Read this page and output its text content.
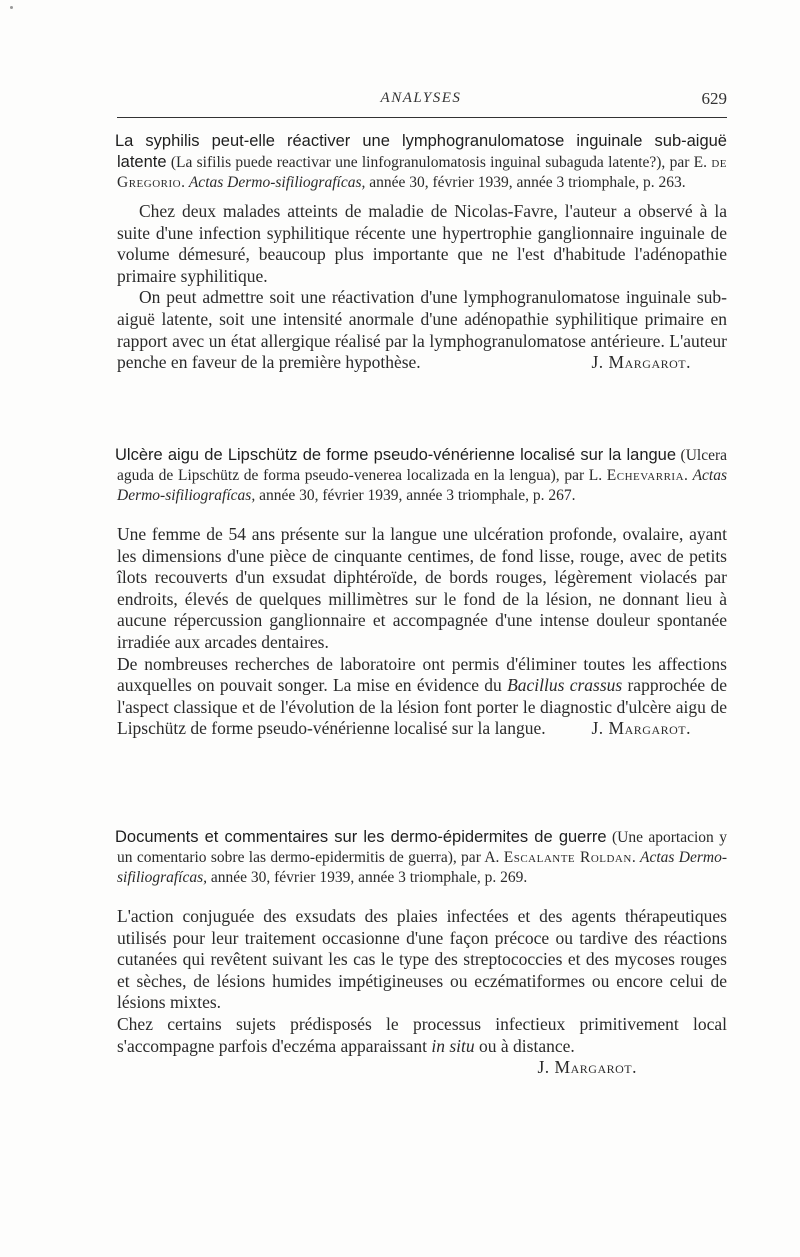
ANALYSES	629
La syphilis peut-elle réactiver une lymphogranulomatose inguinale sub-aiguë latente (La sifilis puede reactivar une linfogranulomatosis inguinal subaguda latente?), par E. de Gregorio. Actas Dermo-sifiliografícas, année 30, février 1939, année 3 triomphale, p. 263.

Chez deux malades atteints de maladie de Nicolas-Favre, l'auteur a observé à la suite d'une infection syphilitique récente une hypertrophie ganglionnaire inguinale de volume démesuré, beaucoup plus importante que ne l'est d'habitude l'adénopathie primaire syphilitique.

On peut admettre soit une réactivation d'une lymphogranulomatose inguinale sub-aiguë latente, soit une intensité anormale d'une adénopathie syphilitique primaire en rapport avec un état allergique réalisé par la lymphogranulomatose antérieure. L'auteur penche en faveur de la première hypothèse.	J. Margarot.

Ulcère aigu de Lipschütz de forme pseudo-vénérienne localisé sur la langue (Ulcera aguda de Lipschütz de forma pseudo-venerea localizada en la lengua), par L. Echevarria. Actas Dermo-sifiliografícas, année 30, février 1939, année 3 triomphale, p. 267.

Une femme de 54 ans présente sur la langue une ulcération profonde, ovalaire, ayant les dimensions d'une pièce de cinquante centimes, de fond lisse, rouge, avec de petits îlots recouverts d'un exsudat diphtéroïde, de bords rouges, légèrement violacés par endroits, élevés de quelques millimètres sur le fond de la lésion, ne donnant lieu à aucune répercussion ganglionnaire et accompagnée d'une intense douleur spontanée irradiée aux arcades dentaires.

De nombreuses recherches de laboratoire ont permis d'éliminer toutes les affections auxquelles on pouvait songer. La mise en évidence du Bacillus crassus rapprochée de l'aspect classique et de l'évolution de la lésion font porter le diagnostic d'ulcère aigu de Lipschütz de forme pseudo-vénérienne localisé sur la langue.	J. Margarot.

Documents et commentaires sur les dermo-épidermites de guerre (Une aportacion y un comentario sobre las dermo-epidermitis de guerra), par A. Escalante Roldan. Actas Dermo-sifiliografícas, année 30, février 1939, année 3 triomphale, p. 269.

L'action conjuguée des exsudats des plaies infectées et des agents thérapeutiques utilisés pour leur traitement occasionne d'une façon précoce ou tardive des réactions cutanées qui revêtent suivant les cas le type des streptococcies et des mycoses rouges et sèches, de lésions humides impétigineuses ou eczématiformes ou encore celui de lésions mixtes.

Chez certains sujets prédisposés le processus infectieux primitivement local s'accompagne parfois d'eczéma apparaissant in situ ou à distance.

J. Margarot.
